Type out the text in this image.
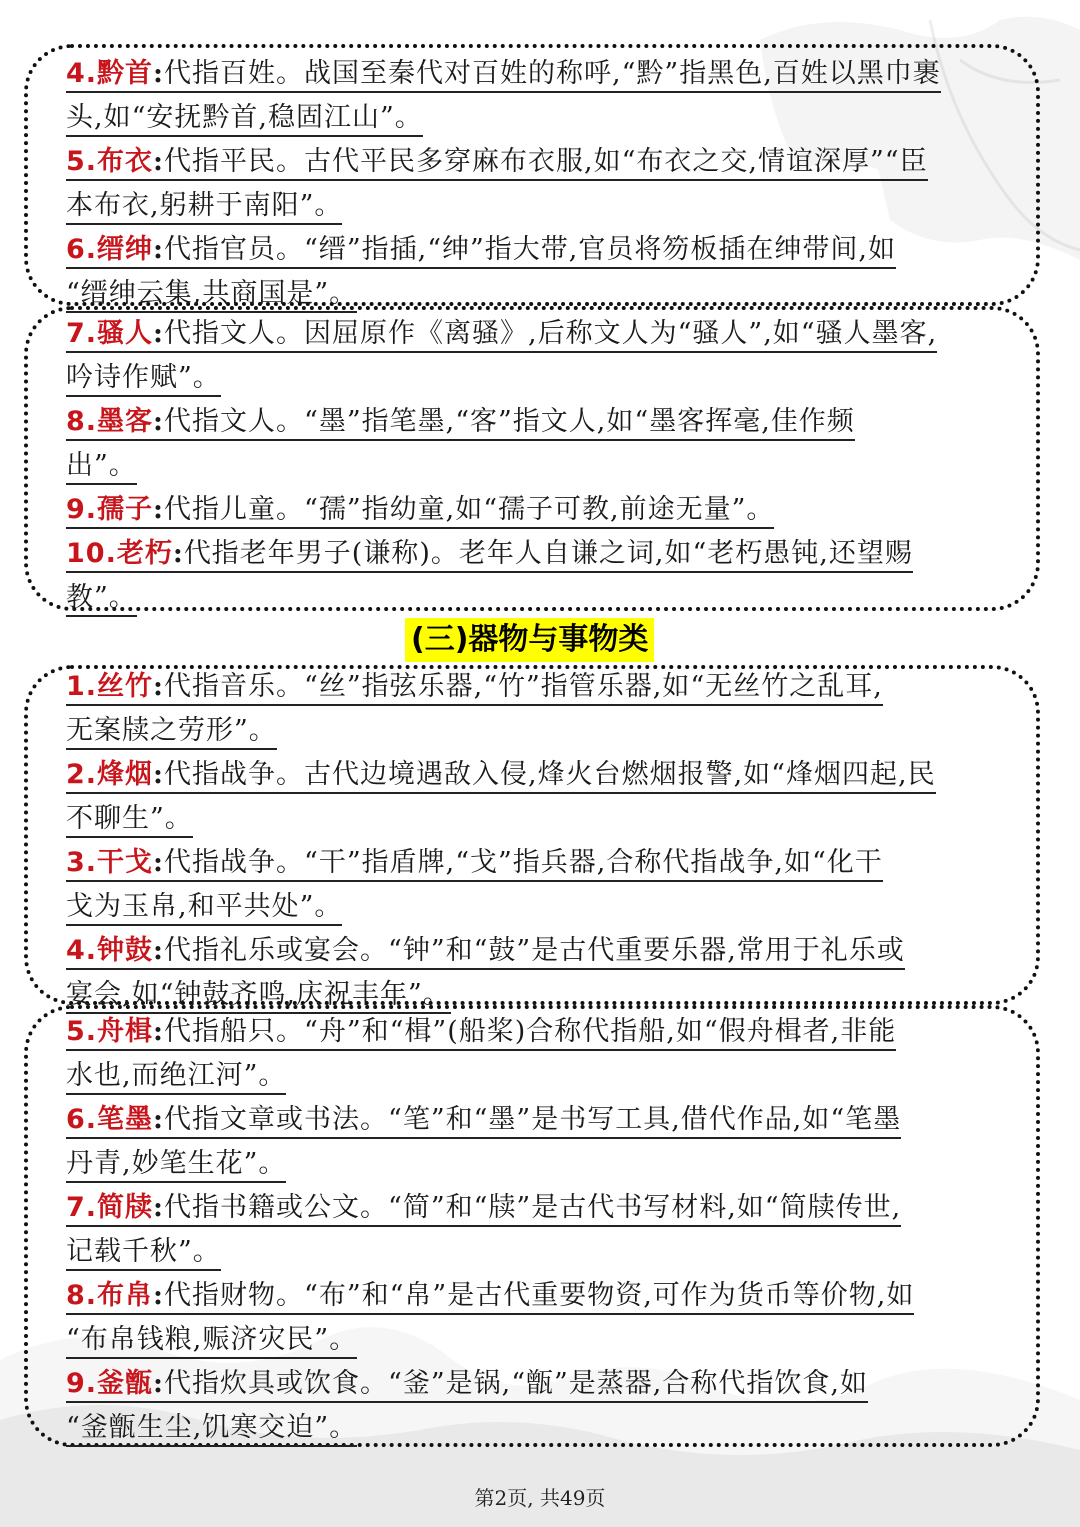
4.黔首:代指百姓。战国至秦代对百姓的称呼,“黔”指黑色,百姓以黑巾裹
头,如“安抚黔首,稳固江山”。
5.布衣:代指平民。古代平民多穿麻布衣服,如“布衣之交,情谊深厚”“臣
本布衣,躬耕于南阳”。
6.缙绅:代指官员。“缙”指插,“绅”指大带,官员将笏板插在绅带间,如
“缙绅云集,共商国是”。
7.骚人:代指文人。因屈原作《离骚》,后称文人为“骚人”,如“骚人墨客,
吟诗作赋”。
8.墨客:代指文人。“墨”指笔墨,“客”指文人,如“墨客挥毫,佳作频
出”。
9.孺子:代指儿童。“孺”指幼童,如“孺子可教,前途无量”。
10.老朽:代指老年男子(谦称)。老年人自谦之词,如“老朽愚钝,还望赐
教”。
(三)器物与事物类
1.丝竹:代指音乐。“丝”指弦乐器,“竹”指管乐器,如“无丝竹之乱耳,
无案牍之劳形”。
2.烽烟:代指战争。古代边境遇敌入侵,烽火台燃烟报警,如“烽烟四起,民
不聊生”。
3.干戈:代指战争。“干”指盾牌,“戈”指兵器,合称代指战争,如“化干
戈为玉帛,和平共处”。
4.钟鼓:代指礼乐或宴会。“钟”和“鼓”是古代重要乐器,常用于礼乐或
宴会,如“钟鼓齐鸣,庆祝丰年”。
5.舟楫:代指船只。“舟”和“楫”(船桨)合称代指船,如“假舟楫者,非能
水也,而绝江河”。
6.笔墨:代指文章或书法。“笔”和“墨”是书写工具,借代作品,如“笔墨
丹青,妙笔生花”。
7.简牍:代指书籍或公文。“简”和“牍”是古代书写材料,如“简牍传世,
记载千秋”。
8.布帛:代指财物。“布”和“帛”是古代重要物资,可作为货币等价物,如
“布帛钱粮,赈济灾民”。
9.釜甑:代指炊具或饮食。“釜”是锅,“甑”是蒸器,合称代指饮食,如
“釜甑生尘,饥寒交迫”。
第2页, 共49页
